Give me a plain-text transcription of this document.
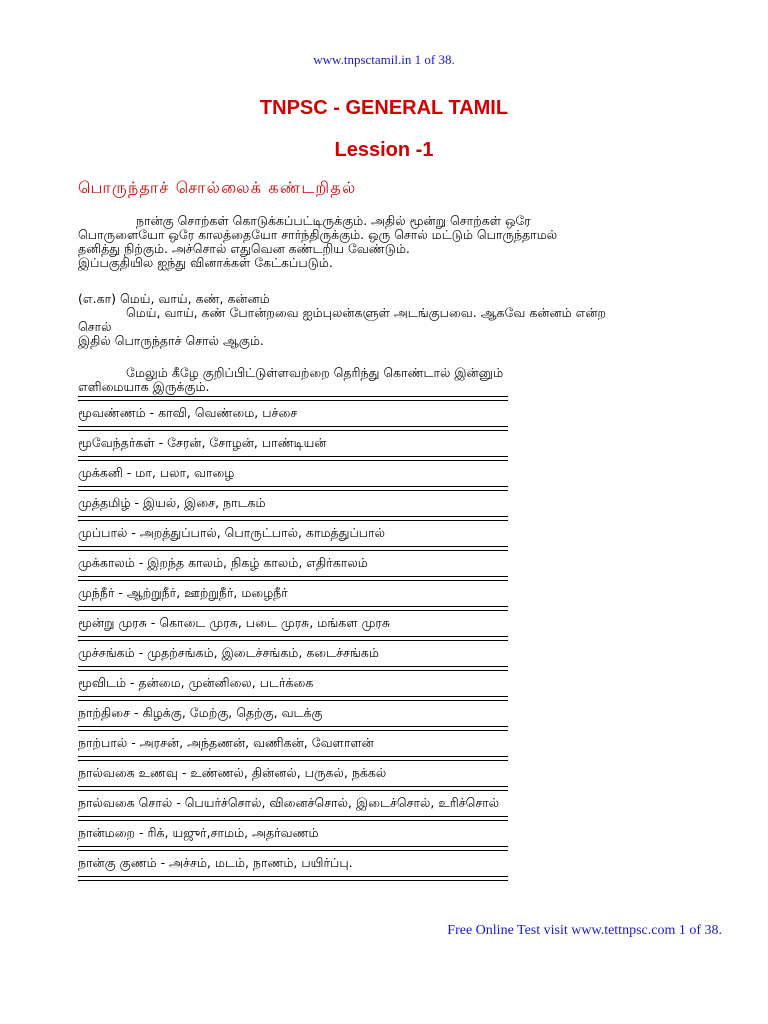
www.tnpsctamil.in 1 of 38.

TNPSC - GENERAL TAMIL
Lession -1

பொருந்தாச் சொல்லைக் கண்டறிதல்

நான்கு சொற்கள் கொடுக்கப்பட்டிருக்கும். அதில் மூன்று சொற்கள் ஒரே
பொருளையோ ஒரே காலத்தையோ சார்ந்திருக்கும். ஒரு சொல் மட்டும் பொருந்தாமல்
தனித்து நிற்கும். அச்சொல் எதுவென கண்டறிய வேண்டும்.
இப்பகுதியில ஐந்து வினாக்கள் கேட்கப்படும்.
(எ.கா) மெய், வாய், கண், கன்னம்
மெய், வாய், கண் போன்றவை ஐம்புலன்களுள் அடங்குபவை. ஆகவே கன்னம் என்ற
சொல்
இதில் பொருந்தாச் சொல் ஆகும்.
மேலும் கீழே குறிப்பிட்டுள்ளவற்றை தெரிந்து கொண்டால் இன்னும்
எளிமையாக இருக்கும்.
மூவண்ணம் - காவி, வெண்மை, பச்சை
மூவேந்தர்கள் - சேரன், சோழன், பாண்டியன்
முக்கனி - மா, பலா, வாழை
முத்தமிழ் - இயல், இசை, நாடகம்
முப்பால் - அறத்துப்பால், பொருட்பால், காமத்துப்பால்
முக்காலம் - இறந்த காலம், நிகழ் காலம், எதிர்காலம்
முந்நீர் - ஆற்றுநீர், ஊற்றுநீர், மழைநீர்
மூன்று முரசு - கொடை முரசு, படை முரசு, மங்கள முரசு
முச்சங்கம் - முதற்சங்கம், இடைச்சங்கம், கடைச்சங்கம்
மூவிடம் - தன்மை, முன்னிலை, படர்க்கை
நாற்திசை - கிழக்கு, மேற்கு, தெற்கு, வடக்கு
நாற்பால் - அரசன், அந்தணன், வணிகன், வேளாளன்
நால்வகை உணவு - உண்ணல், தின்னல், பருகல், நக்கல்
நால்வகை சொல் - பெயர்ச்சொல், வினைச்சொல், இடைச்சொல், உரிச்சொல்
நான்மறை - ரிக், யஜுர்,சாமம், அதர்வணம்
நான்கு குணம் - அச்சம், மடம், நாணம், பயிர்ப்பு.

Free Online Test visit www.tettnpsc.com 1 of 38.
